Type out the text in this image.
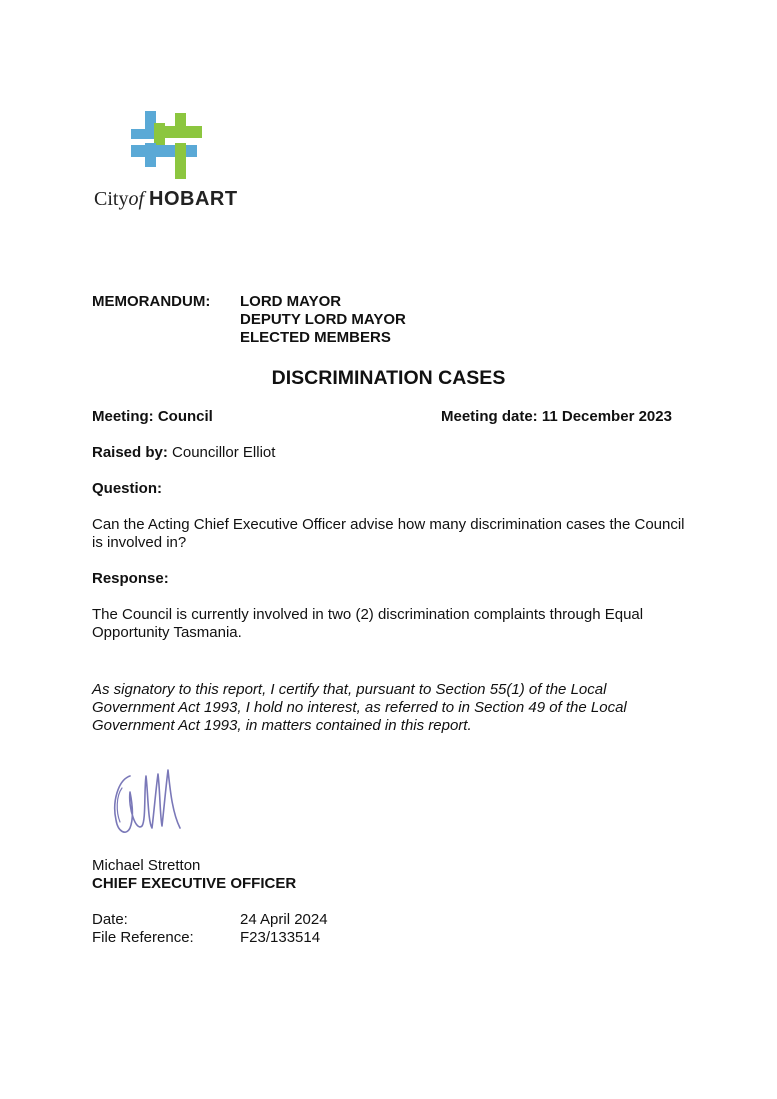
Cityof HOBART
MEMORANDUM: LORD MAYOR
DEPUTY LORD MAYOR
ELECTED MEMBERS
DISCRIMINATION CASES
Meeting: Council	Meeting date: 11 December 2023
Raised by: Councillor Elliot
Question:
Can the Acting Chief Executive Officer advise how many discrimination cases the Council is involved in?
Response:
The Council is currently involved in two (2) discrimination complaints through Equal Opportunity Tasmania.
As signatory to this report, I certify that, pursuant to Section 55(1) of the Local Government Act 1993, I hold no interest, as referred to in Section 49 of the Local Government Act 1993, in matters contained in this report.
Michael Stretton
CHIEF EXECUTIVE OFFICER
Date:	24 April 2024
File Reference:	F23/133514
